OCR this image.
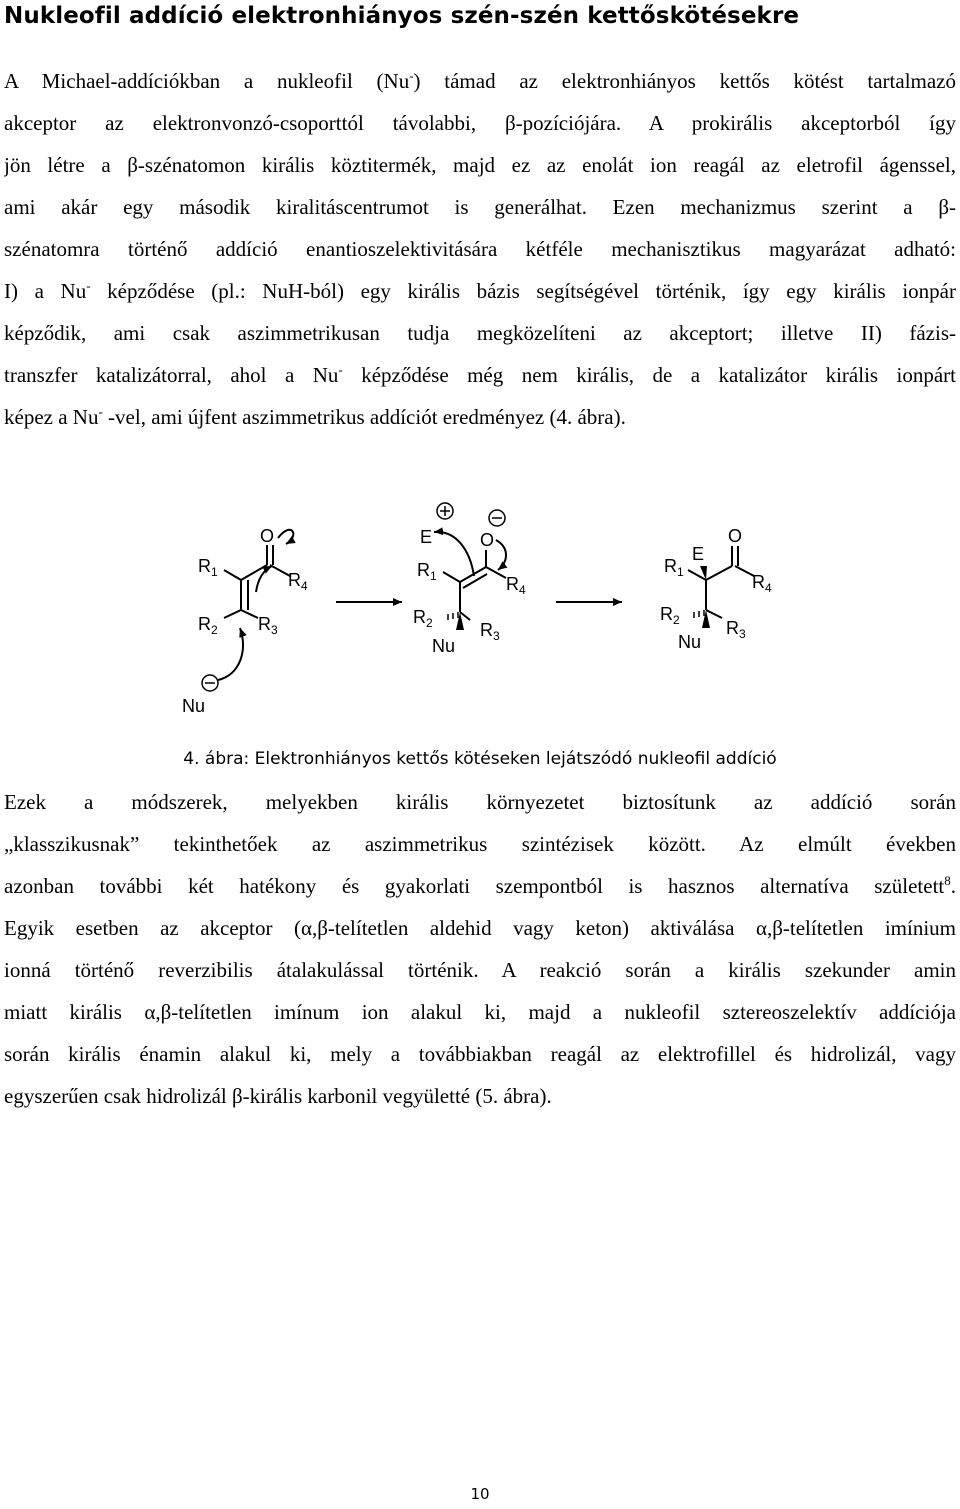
Nukleofil addíció elektronhiányos szén-szén kettőskötésekre
A Michael-addíciókban a nukleofil (Nu-) támad az elektronhiányos kettős kötést tartalmazó
akceptor az elektronvonzó-csoporttól távolabbi, β-pozíciójára. A prokirális akceptorból így
jön létre a β-szénatomon királis köztitermék, majd ez az enolát ion reagál az eletrofil ágenssel,
ami akár egy második kiralitáscentrumot is generálhat. Ezen mechanizmus szerint a β-
szénatomra történő addíció enantioszelektivitására kétféle mechanisztikus magyarázat adható:
I) a Nu- képződése (pl.: NuH-ból) egy királis bázis segítségével történik, így egy királis ionpár
képződik, ami csak aszimmetrikusan tudja megközelíteni az akceptort; illetve II) fázis-
transzfer katalizátorral, ahol a Nu- képződése még nem királis, de a katalizátor királis ionpárt
képez a Nu- -vel, ami újfent aszimmetrikus addíciót eredményez (4. ábra).
O
R 1	R 4
R 2 R 3
Nu
E	O
R 1	R 4
R 2	R 3
Nu
E
O
R 1	R 4
R 2	R 3
Nu
4. ábra: Elektronhiányos kettős kötéseken lejátszódó nukleofil addíció
Ezek a módszerek, melyekben királis környezetet biztosítunk az addíció során
„klasszikusnak” tekinthetőek az aszimmetrikus szintézisek között. Az elmúlt években
azonban további két hatékony és gyakorlati szempontból is hasznos alternatíva született$^8$.
Egyik esetben az akceptor (α,β-telítetlen aldehid vagy keton) aktiválása α,β-telítetlen imínium
ionná történő reverzibilis átalakulással történik. A reakció során a királis szekunder amin
miatt királis α,β-telítetlen imínum ion alakul ki, majd a nukleofil sztereoszelektív addíciója
során királis énamin alakul ki, mely a továbbiakban reagál az elektrofillel és hidrolizál, vagy
egyszerűen csak hidrolizál β-királis karbonil vegyületté (5. ábra).
10
